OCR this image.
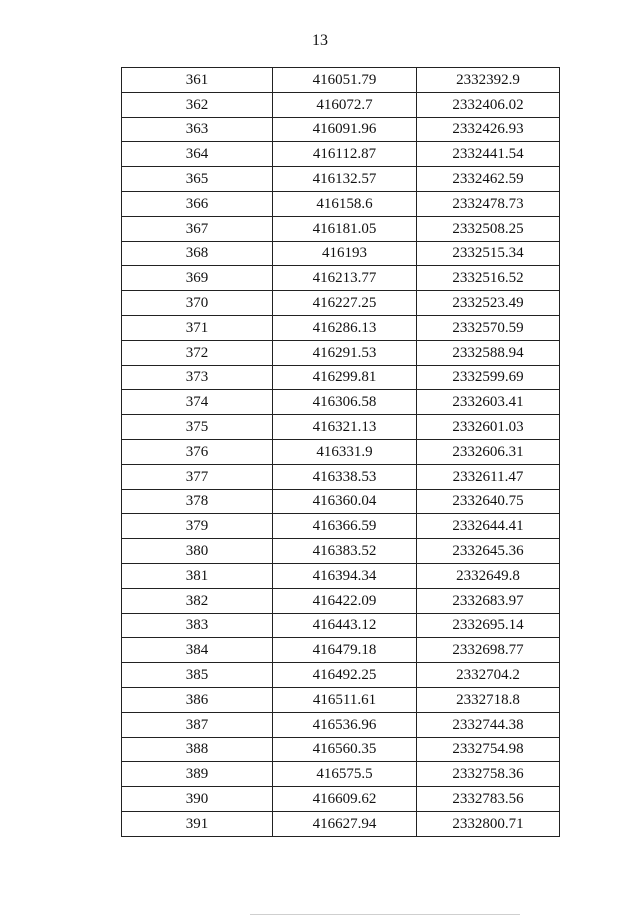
13
361	416051.79	2332392.9
362	416072.7	2332406.02
363	416091.96	2332426.93
364	416112.87	2332441.54
365	416132.57	2332462.59
366	416158.6	2332478.73
367	416181.05	2332508.25
368	416193	2332515.34
369	416213.77	2332516.52
370	416227.25	2332523.49
371	416286.13	2332570.59
372	416291.53	2332588.94
373	416299.81	2332599.69
374	416306.58	2332603.41
375	416321.13	2332601.03
376	416331.9	2332606.31
377	416338.53	2332611.47
378	416360.04	2332640.75
379	416366.59	2332644.41
380	416383.52	2332645.36
381	416394.34	2332649.8
382	416422.09	2332683.97
383	416443.12	2332695.14
384	416479.18	2332698.77
385	416492.25	2332704.2
386	416511.61	2332718.8
387	416536.96	2332744.38
388	416560.35	2332754.98
389	416575.5	2332758.36
390	416609.62	2332783.56
391	416627.94	2332800.71
